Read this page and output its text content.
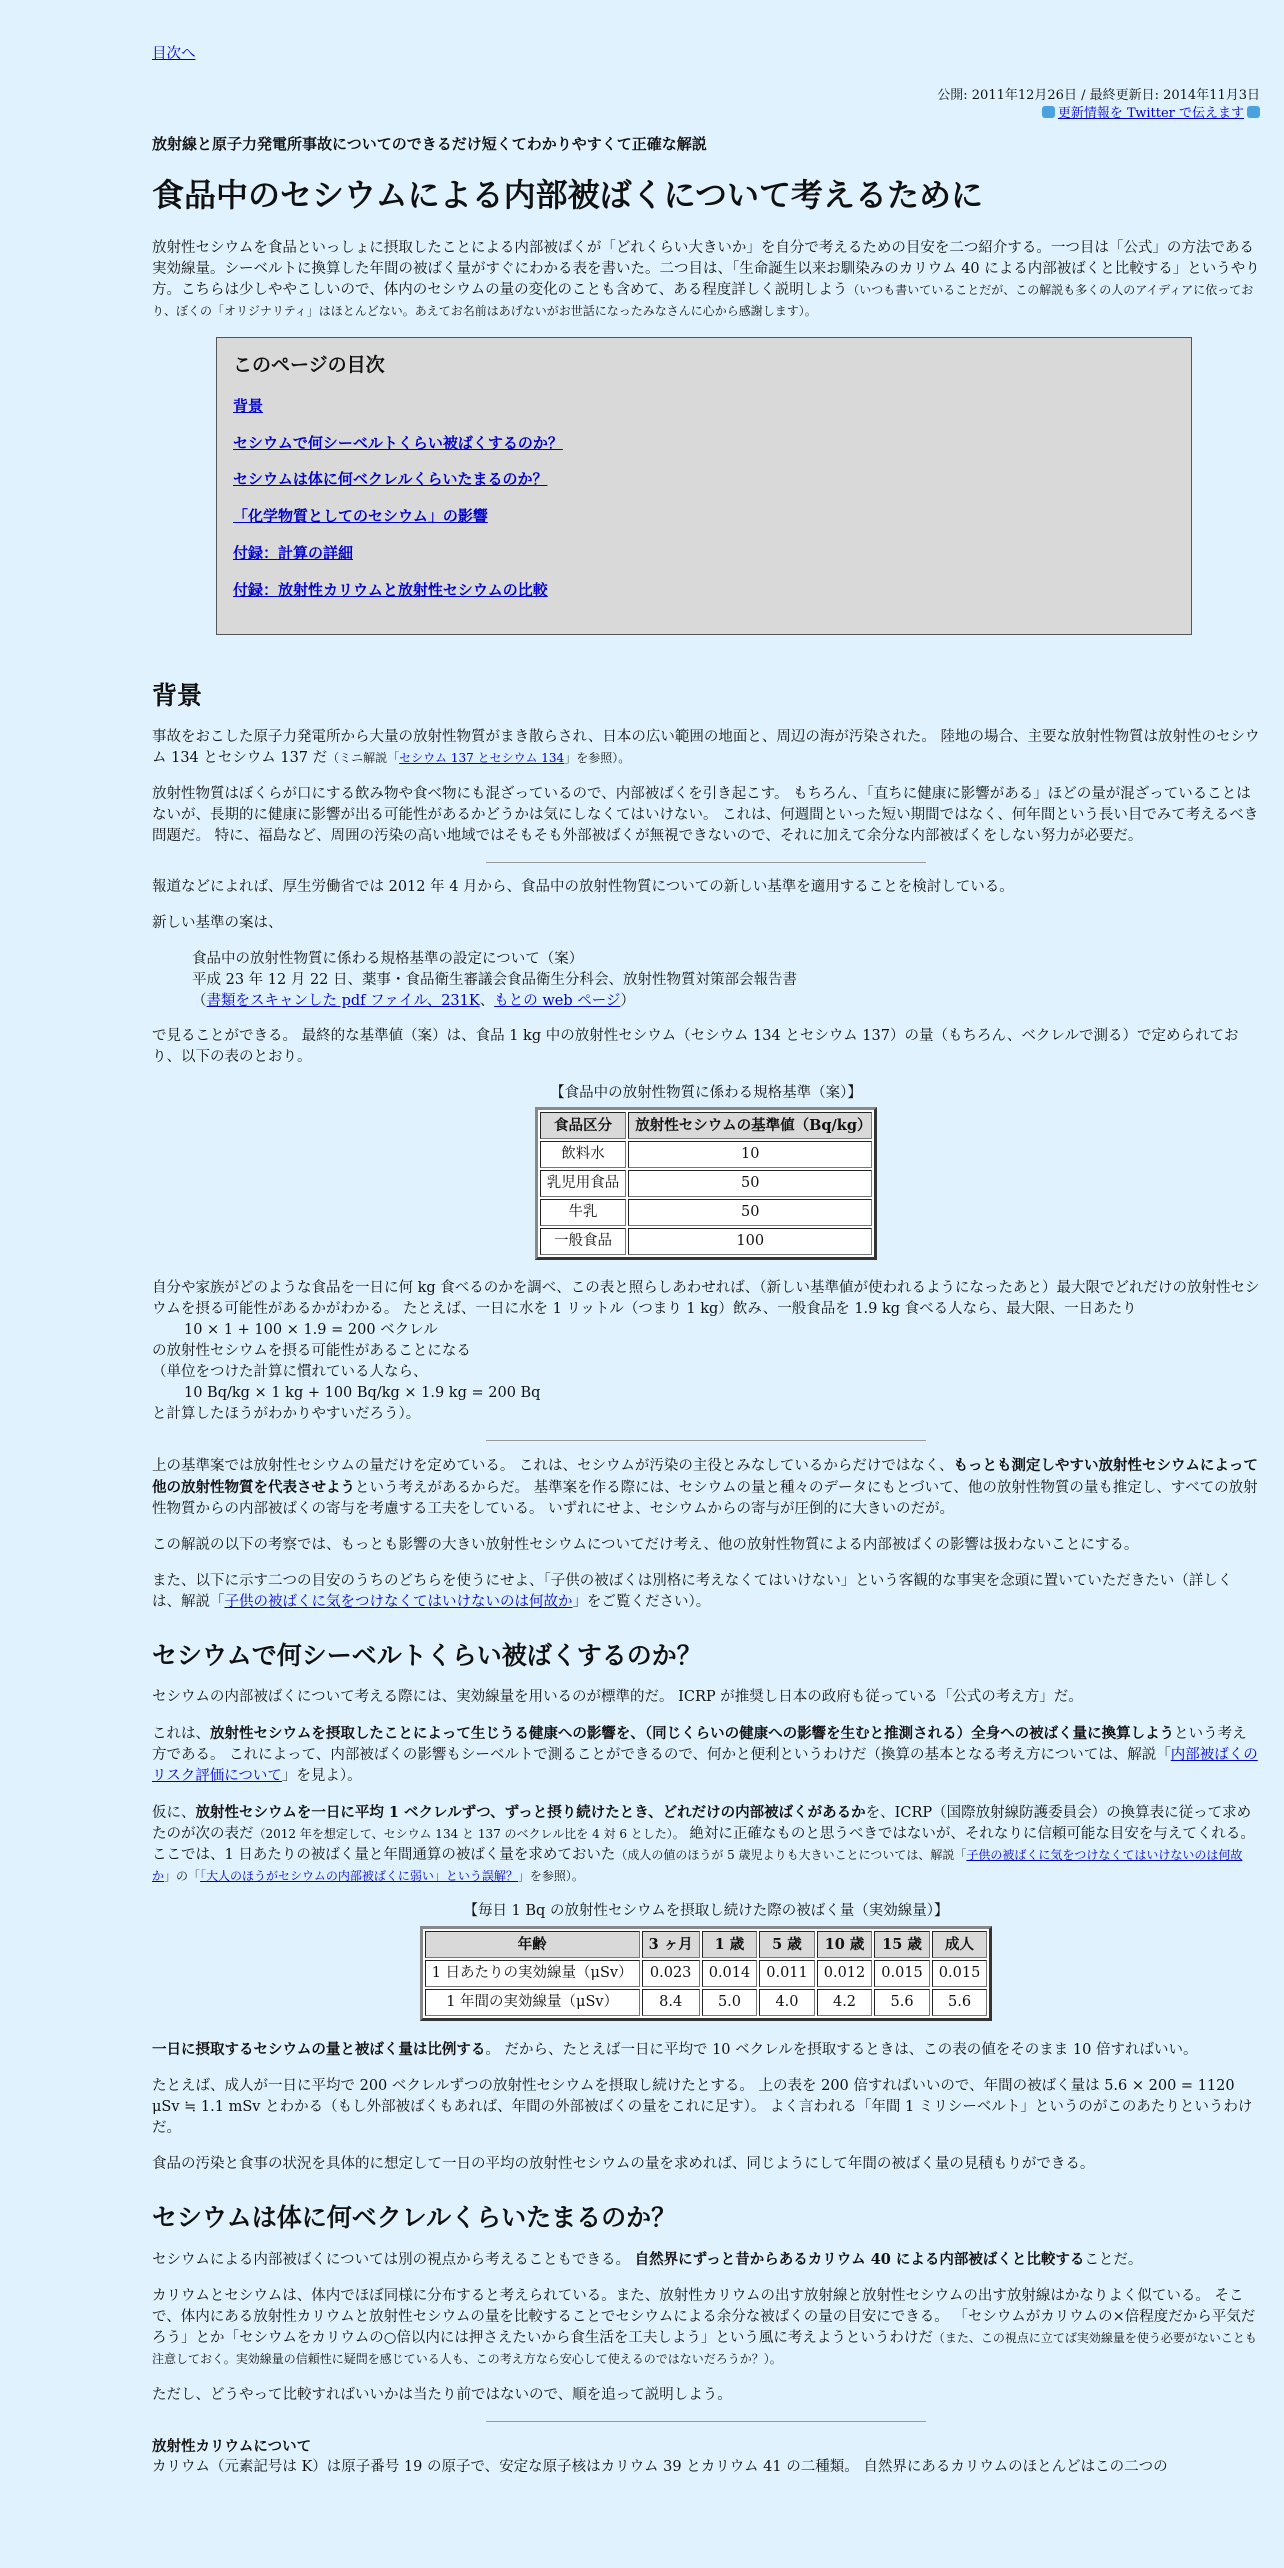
目次へ
公開: 2011年12月26日 / 最終更新日: 2014年11月3日
更新情報を Twitter で伝えます
放射線と原子力発電所事故についてのできるだけ短くてわかりやすくて正確な解説
食品中のセシウムによる内部被ばくについて考えるために

放射性セシウムを食品といっしょに摂取したことによる内部被ばくが「どれくらい大きいか」を自分で考えるための目安を二つ紹介する。一つ目は「公式」の方法である実効線量。シーベルトに換算した年間の被ばく量がすぐにわかる表を書いた。二つ目は、「生命誕生以来お馴染みのカリウム 40 による内部被ばくと比較する」というやり方。こちらは少しややこしいので、体内のセシウムの量の変化のことも含めて、ある程度詳しく説明しよう（いつも書いていることだが、この解説も多くの人のアイディアに依っており、ぼくの「オリジナリティ」はほとんどない。あえてお名前はあげないがお世話になったみなさんに心から感謝します）。

このページの目次
背景
セシウムで何シーベルトくらい被ばくするのか？
セシウムは体に何ベクレルくらいたまるのか？
「化学物質としてのセシウム」の影響
付録：計算の詳細
付録：放射性カリウムと放射性セシウムの比較
背景

事故をおこした原子力発電所から大量の放射性物質がまき散らされ、日本の広い範囲の地面と、周辺の海が汚染された。 陸地の場合、主要な放射性物質は放射性のセシウム 134 とセシウム 137 だ（ミニ解説「セシウム 137 とセシウム 134」を参照）。

放射性物質はぼくらが口にする飲み物や食べ物にも混ざっているので、内部被ばくを引き起こす。 もちろん、「直ちに健康に影響がある」ほどの量が混ざっていることはないが、長期的に健康に影響が出る可能性があるかどうかは気にしなくてはいけない。 これは、何週間といった短い期間ではなく、何年間という長い目でみて考えるべき問題だ。 特に、福島など、周囲の汚染の高い地域ではそもそも外部被ばくが無視できないので、それに加えて余分な内部被ばくをしない努力が必要だ。

報道などによれば、厚生労働省では 2012 年 4 月から、食品中の放射性物質についての新しい基準を適用することを検討している。

新しい基準の案は、

食品中の放射性物質に係わる規格基準の設定について（案）
平成 23 年 12 月 22 日、薬事・食品衛生審議会食品衛生分科会、放射性物質対策部会報告書
（書類をスキャンした pdf ファイル、231K、もとの web ページ）

で見ることができる。 最終的な基準値（案）は、食品 1 kg 中の放射性セシウム（セシウム 134 とセシウム 137）の量（もちろん、ベクレルで測る）で定められており、以下の表のとおり。

【食品中の放射性物質に係わる規格基準（案）】
食品区分	放射性セシウムの基準値（Bq/kg）
飲料水	10
乳児用食品	50
牛乳	50
一般食品	100
自分や家族がどのような食品を一日に何 kg 食べるのかを調べ、この表と照らしあわせれば、（新しい基準値が使われるようになったあと）最大限でどれだけの放射性セシウムを摂る可能性があるかがわかる。 たとえば、一日に水を 1 リットル（つまり 1 kg）飲み、一般食品を 1.9 kg 食べる人なら、最大限、一日あたり
10 × 1 + 100 × 1.9 = 200 ベクレル
の放射性セシウムを摂る可能性があることになる
（単位をつけた計算に慣れている人なら、
10 Bq/kg × 1 kg + 100 Bq/kg × 1.9 kg = 200 Bq
と計算したほうがわかりやすいだろう）。

上の基準案では放射性セシウムの量だけを定めている。 これは、セシウムが汚染の主役とみなしているからだけではなく、もっとも測定しやすい放射性セシウムによって他の放射性物質を代表させようという考えがあるからだ。 基準案を作る際には、セシウムの量と種々のデータにもとづいて、他の放射性物質の量も推定し、すべての放射性物質からの内部被ばくの寄与を考慮する工夫をしている。 いずれにせよ、セシウムからの寄与が圧倒的に大きいのだが。

この解説の以下の考察では、もっとも影響の大きい放射性セシウムについてだけ考え、他の放射性物質による内部被ばくの影響は扱わないことにする。

また、以下に示す二つの目安のうちのどちらを使うにせよ、「子供の被ばくは別格に考えなくてはいけない」という客観的な事実を念頭に置いていただきたい（詳しくは、解説「子供の被ばくに気をつけなくてはいけないのは何故か」をご覧ください）。

セシウムで何シーベルトくらい被ばくするのか？

セシウムの内部被ばくについて考える際には、実効線量を用いるのが標準的だ。 ICRP が推奨し日本の政府も従っている「公式の考え方」だ。

これは、放射性セシウムを摂取したことによって生じうる健康への影響を、（同じくらいの健康への影響を生むと推測される）全身への被ばく量に換算しようという考え方である。 これによって、内部被ばくの影響もシーベルトで測ることができるので、何かと便利というわけだ（換算の基本となる考え方については、解説「内部被ばくのリスク評価について」を見よ）。

仮に、放射性セシウムを一日に平均 1 ベクレルずつ、ずっと摂り続けたとき、どれだけの内部被ばくがあるかを、ICRP（国際放射線防護委員会）の換算表に従って求めたのが次の表だ（2012 年を想定して、セシウム 134 と 137 のベクレル比を 4 対 6 とした）。 絶対に正確なものと思うべきではないが、それなりに信頼可能な目安を与えてくれる。 ここでは、1 日あたりの被ばく量と年間通算の被ばく量を求めておいた（成人の値のほうが 5 歳児よりも大きいことについては、解説「子供の被ばくに気をつけなくてはいけないのは何故か」の「「大人のほうがセシウムの内部被ばくに弱い」という誤解？」を参照）。

【毎日 1 Bq の放射性セシウムを摂取し続けた際の被ばく量（実効線量）】
年齢	3 ヶ月	1 歳	5 歳	10 歳	15 歳	成人
1 日あたりの実効線量（μSv）	0.023	0.014	0.011	0.012	0.015	0.015
1 年間の実効線量（μSv）	8.4	5.0	4.0	4.2	5.6	5.6

一日に摂取するセシウムの量と被ばく量は比例する。 だから、たとえば一日に平均で 10 ベクレルを摂取するときは、この表の値をそのまま 10 倍すればいい。

たとえば、成人が一日に平均で 200 ベクレルずつの放射性セシウムを摂取し続けたとする。 上の表を 200 倍すればいいので、年間の被ばく量は 5.6 × 200 = 1120 μSv ≒ 1.1 mSv とわかる（もし外部被ばくもあれば、年間の外部被ばくの量をこれに足す）。 よく言われる「年間 1 ミリシーベルト」というのがこのあたりというわけだ。

食品の汚染と食事の状況を具体的に想定して一日の平均の放射性セシウムの量を求めれば、同じようにして年間の被ばく量の見積もりができる。

セシウムは体に何ベクレルくらいたまるのか？

セシウムによる内部被ばくについては別の視点から考えることもできる。 自然界にずっと昔からあるカリウム 40 による内部被ばくと比較することだ。

カリウムとセシウムは、体内でほぼ同様に分布すると考えられている。また、放射性カリウムの出す放射線と放射性セシウムの出す放射線はかなりよく似ている。 そこで、体内にある放射性カリウムと放射性セシウムの量を比較することでセシウムによる余分な被ばくの量の目安にできる。 「セシウムがカリウムの×倍程度だから平気だろう」とか「セシウムをカリウムの○倍以内には押さえたいから食生活を工夫しよう」という風に考えようというわけだ（また、この視点に立てば実効線量を使う必要がないことも注意しておく。実効線量の信頼性に疑問を感じている人も、この考え方なら安心して使えるのではないだろうか？）。

ただし、どうやって比較すればいいかは当たり前ではないので、順を追って説明しよう。

放射性カリウムについて
カリウム（元素記号は K）は原子番号 19 の原子で、安定な原子核はカリウム 39 とカリウム 41 の二種類。 自然界にあるカリウムのほとんどはこの二つの
